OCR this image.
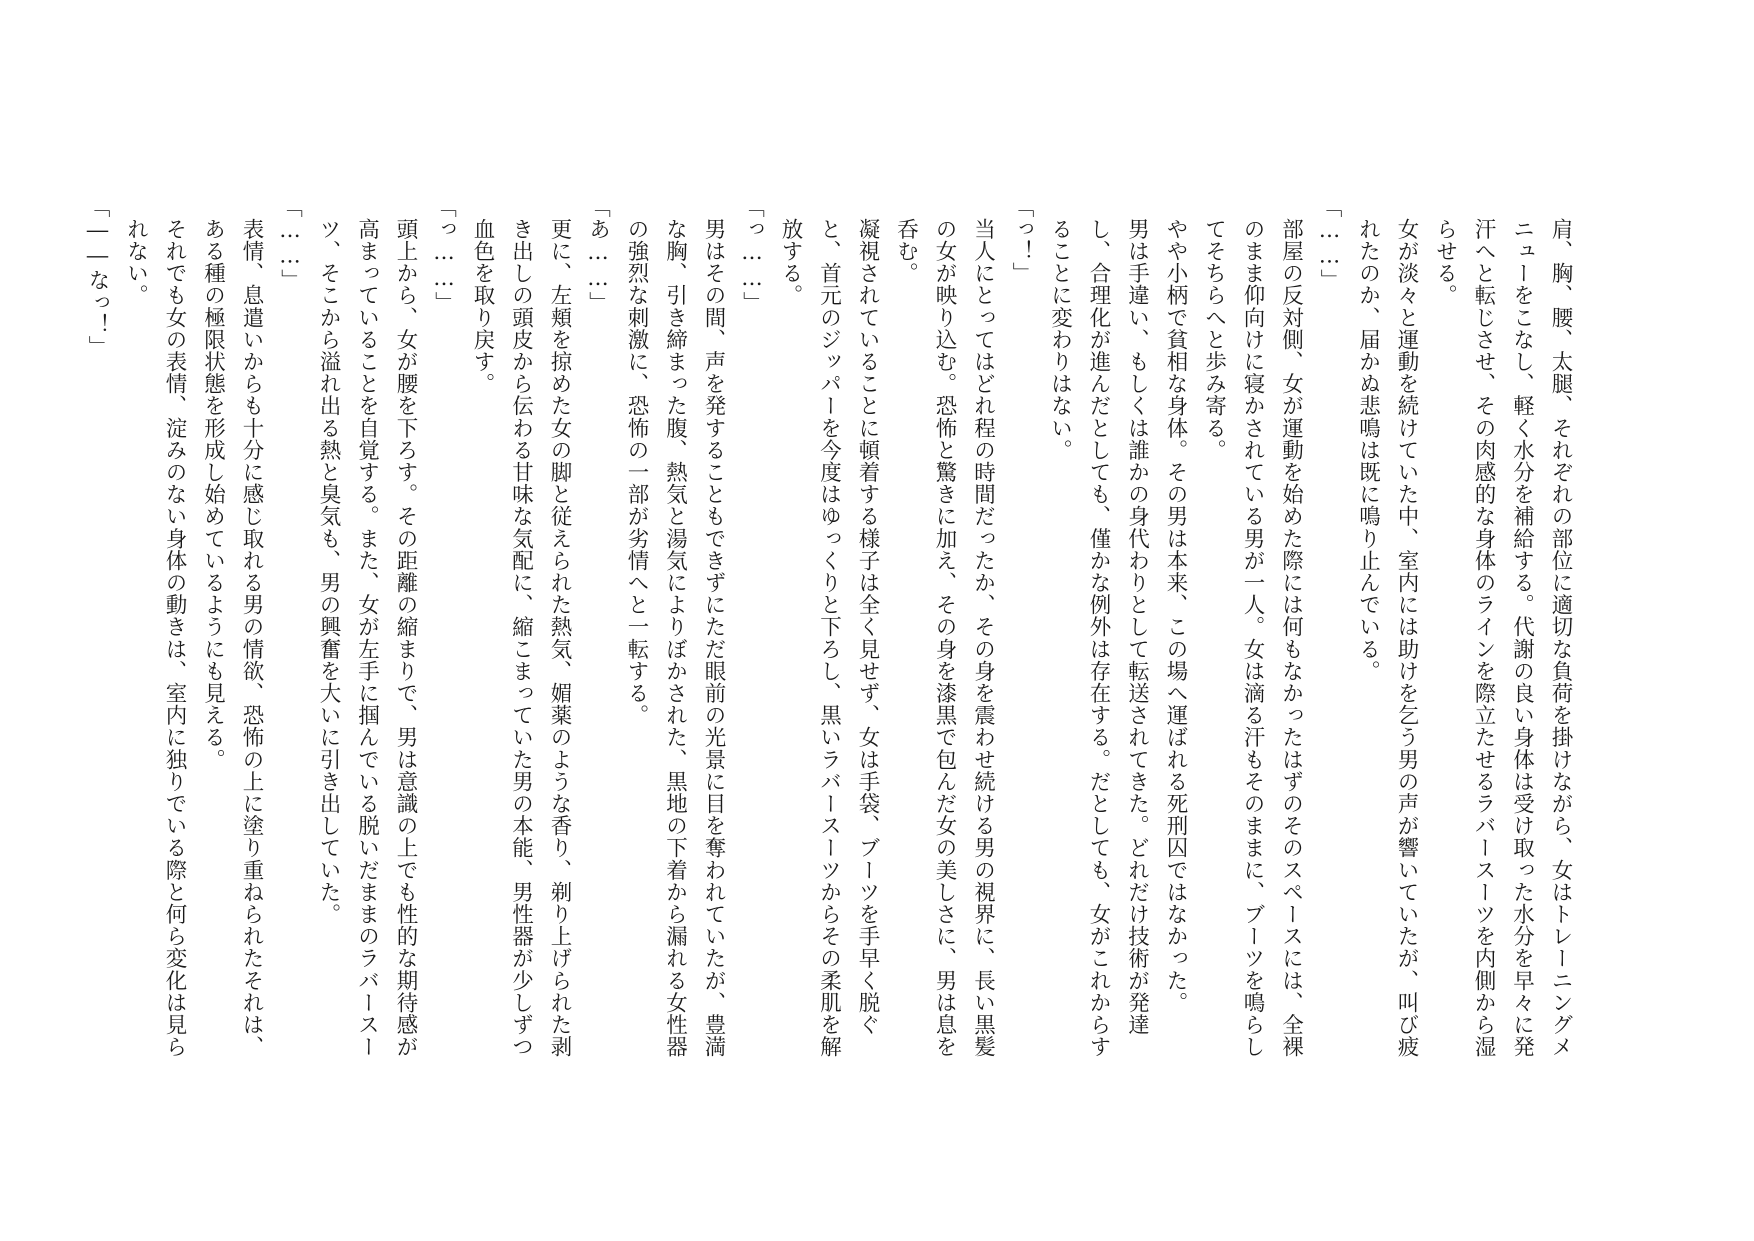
肩、胸、腰、太腿、それぞれの部位に適切な負荷を掛けながら、女はトレーニングメニューをこなし、軽く水分を補給する。代謝の良い身体は受け取った水分を早々に発汗へと転じさせ、その肉感的な身体のラインを際立たせるラバースーツを内側から湿らせる。

女が淡々と運動を続けていた中、室内には助けを乞う男の声が響いていたが、叫び疲れたのか、届かぬ悲鳴は既に鳴り止んでいる。

「……」

部屋の反対側、女が運動を始めた際には何もなかったはずのそのスペースには、全裸のまま仰向けに寝かされている男が一人。女は滴る汗もそのままに、ブーツを鳴らしてそちらへと歩み寄る。

やや小柄で貧相な身体。その男は本来、この場へ運ばれる死刑囚ではなかった。

男は手違い、もしくは誰かの身代わりとして転送されてきた。どれだけ技術が発達し、合理化が進んだとしても、僅かな例外は存在する。だとしても、女がこれからすることに変わりはない。

「っ！」

当人にとってはどれ程の時間だったか、その身を震わせ続ける男の視界に、長い黒髪の女が映り込む。恐怖と驚きに加え、その身を漆黒で包んだ女の美しさに、男は息を呑む。

凝視されていることに頓着する様子は全く見せず、女は手袋、ブーツを手早く脱ぐと、首元のジッパーを今度はゆっくりと下ろし、黒いラバースーツからその柔肌を解放する。

「っ……」

男はその間、声を発することもできずにただ眼前の光景に目を奪われていたが、豊満な胸、引き締まった腹、熱気と湯気によりぼかされた、黒地の下着から漏れる女性器の強烈な刺激に、恐怖の一部が劣情へと一転する。

「あ……」

更に、左頬を掠めた女の脚と従えられた熱気、媚薬のような香り、剃り上げられた剥き出しの頭皮から伝わる甘味な気配に、縮こまっていた男の本能、男性器が少しずつ血色を取り戻す。

「っ……」

頭上から、女が腰を下ろす。その距離の縮まりで、男は意識の上でも性的な期待感が高まっていることを自覚する。また、女が左手に掴んでいる脱いだままのラバースーツ、そこから溢れ出る熱と臭気も、男の興奮を大いに引き出していた。

「……」

表情、息遣いからも十分に感じ取れる男の情欲、恐怖の上に塗り重ねられたそれは、ある種の極限状態を形成し始めているようにも見える。

それでも女の表情、淀みのない身体の動きは、室内に独りでいる際と何ら変化は見られない。

「――なっ！」
